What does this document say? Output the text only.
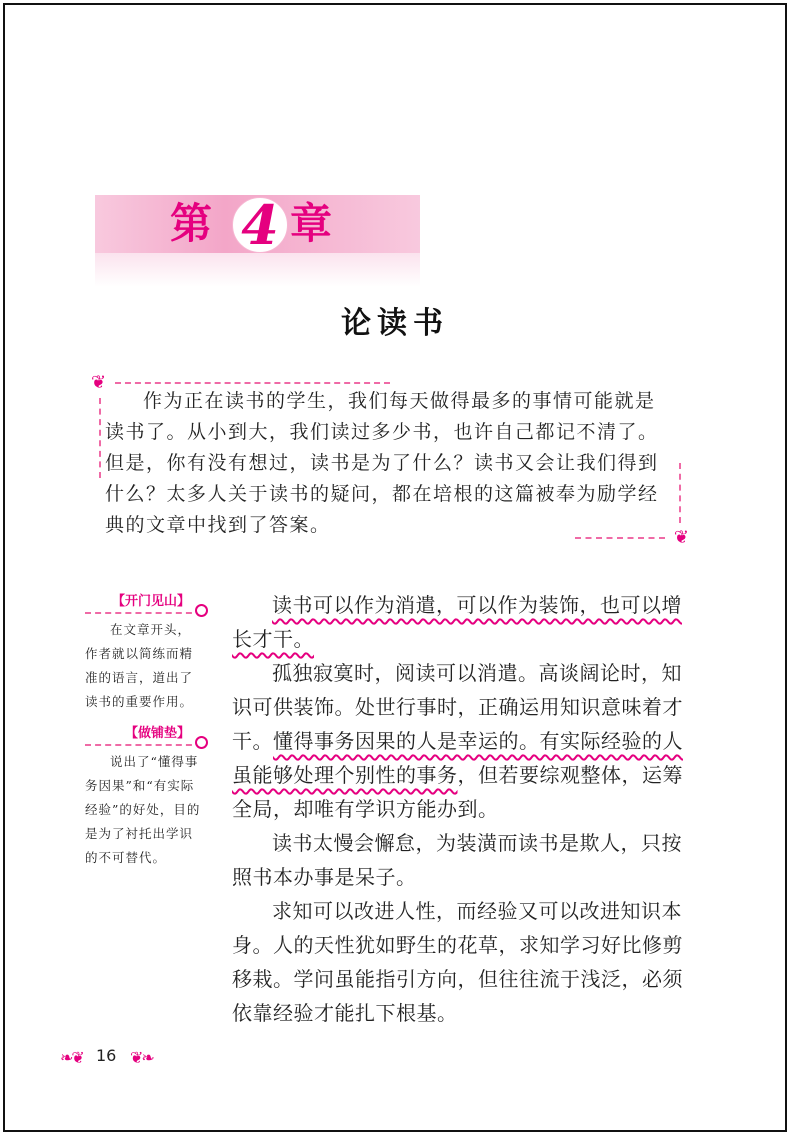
第 4 章
论读书
❦
❦
作为正在读书的学生，我们每天做得最多的事情可能就是读书了。从小到大，我们读过多少书，也许自己都记不清了。但是，你有没有想过，读书是为了什么？读书又会让我们得到什么？太多人关于读书的疑问，都在培根的这篇被奉为励学经典的文章中找到了答案。
【开门见山】
在文章开头，作者就以简练而精准的语言，道出了读书的重要作用。
【做铺垫】
说出了“懂得事务因果”和“有实际经验”的好处，目的是为了衬托出学识的不可替代。

读书可以作为消遣，可以作为装饰，也可以增长才干。

孤独寂寞时，阅读可以消遣。高谈阔论时，知识可供装饰。处世行事时，正确运用知识意味着才干。懂得事务因果的人是幸运的。有实际经验的人虽能够处理个别性的事务，但若要综观整体，运筹全局，却唯有学识方能办到。

读书太慢会懈怠，为装潢而读书是欺人，只按照书本办事是呆子。

求知可以改进人性，而经验又可以改进知识本身。人的天性犹如野生的花草，求知学习好比修剪移栽。学问虽能指引方向，但往往流于浅泛，必须依靠经验才能扎下根基。

❧❦ 16 ❦❧
